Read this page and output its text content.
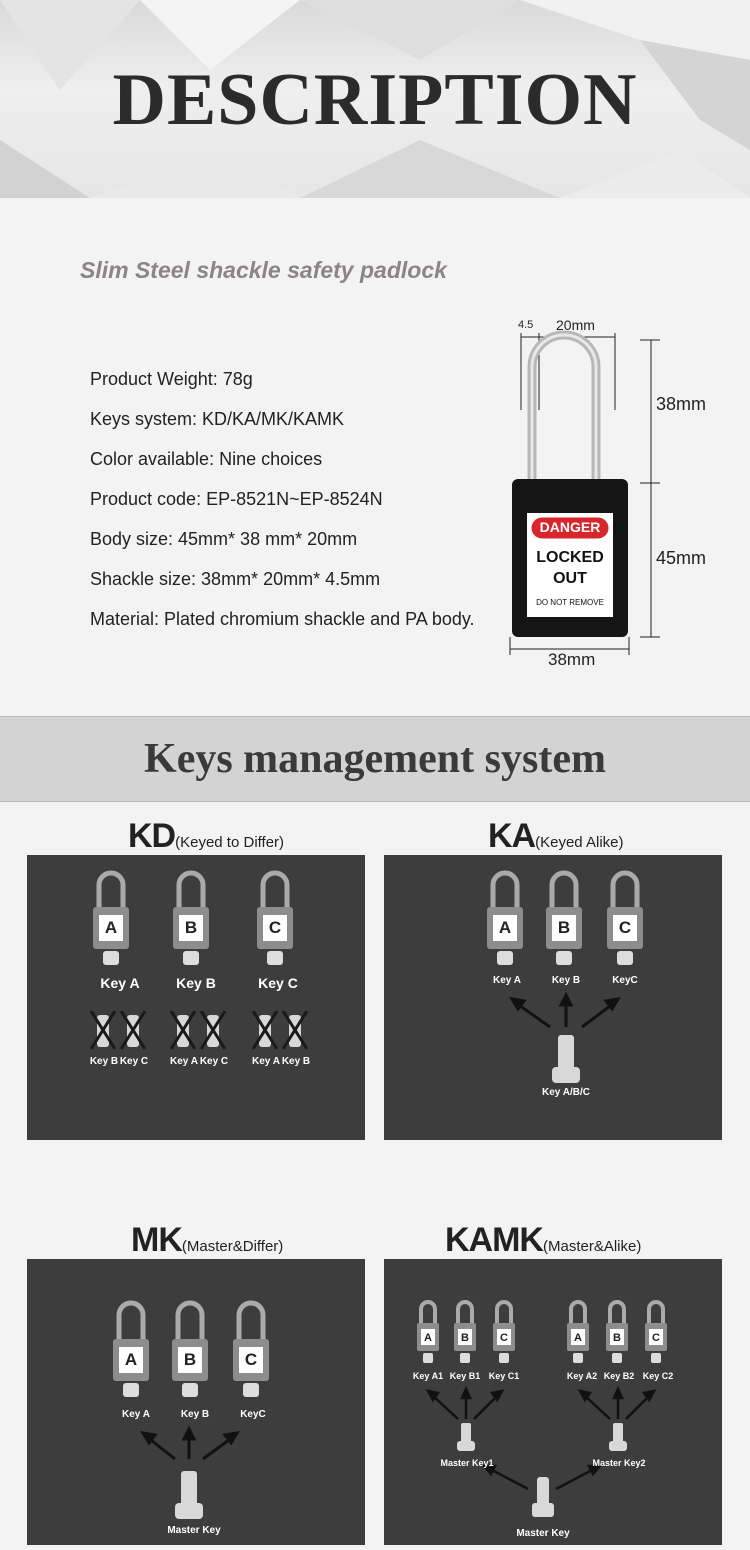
DESCRIPTION
Slim Steel shackle safety padlock
Product Weight: 78g
Keys system: KD/KA/MK/KAMK
Color available: Nine choices
Product code: EP-8521N~EP-8524N
Body size: 45mm* 38 mm* 20mm
Shackle size: 38mm* 20mm* 4.5mm
Material: Plated chromium shackle and PA body.
4.5 20mm
38mm
45mm
38mm
DANGER
LOCKED
OUT
DO NOT REMOVE
Keys management system
KD(Keyed to Differ)
A	B	C
Key A	Key B	Key C
Key B Key C	Key A Key C	Key A Key B
KA(Keyed Alike)
A	B	C
Key A	Key B	KeyC
Key A/B/C
MK(Master&Differ)
A	B	C
Key A	Key B	KeyC
Master Key
KAMK(Master&Alike)
A	B	C	A	B	C
Key A1 Key B1 Key C1	Key A2 Key B2 Key C2
Master Key1	Master Key2
Master Key
